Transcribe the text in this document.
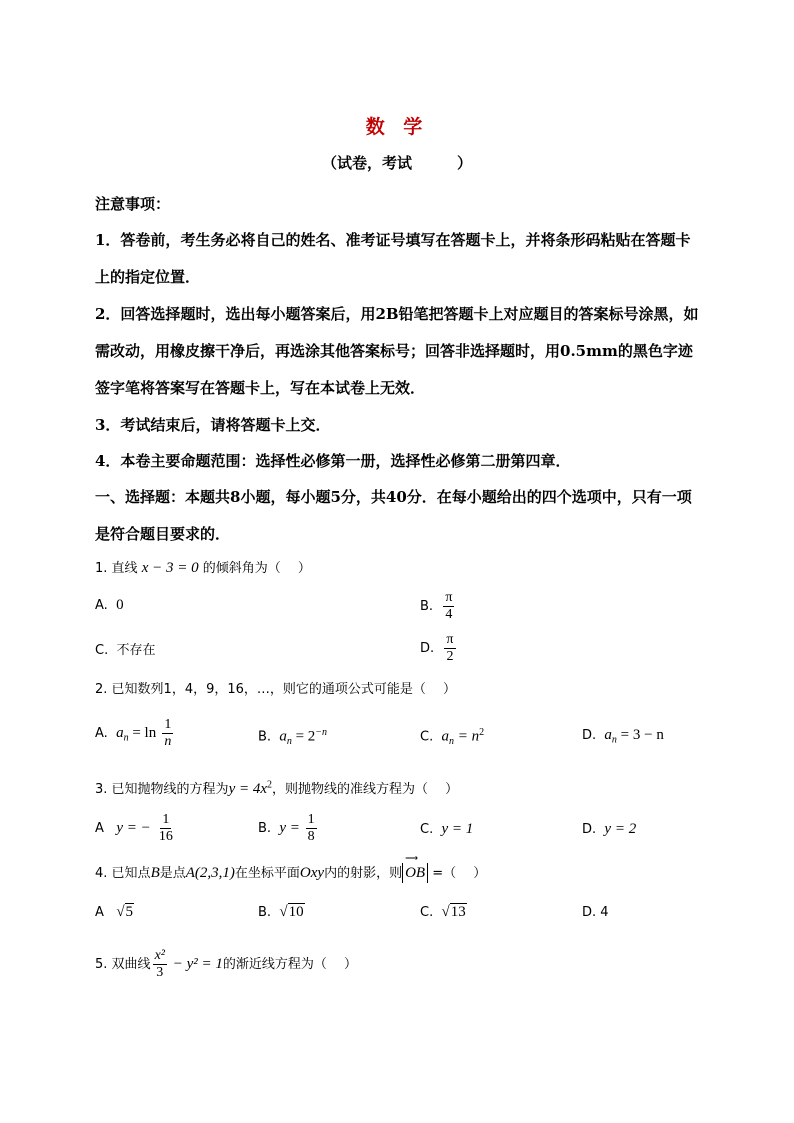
数 学
（试卷，考试　　　）

注意事项：

1．答卷前，考生务必将自己的姓名、准考证号填写在答题卡上，并将条形码粘贴在答题卡上的指定位置．

2．回答选择题时，选出每小题答案后，用2B铅笔把答题卡上对应题目的答案标号涂黑，如需改动，用橡皮擦干净后，再选涂其他答案标号；回答非选择题时，用0.5mm的黑色字迹签字笔将答案写在答题卡上，写在本试卷上无效．

3．考试结束后，请将答题卡上交．

4．本卷主要命题范围：选择性必修第一册，选择性必修第二册第四章．

一、选择题：本题共8小题，每小题5分，共40分．在每小题给出的四个选项中，只有一项是符合题目要求的．

1. 直线 x − 3 = 0 的倾斜角为（　 ）
A. 0	B. $\frac{\pi}{4}$
C. 不存在	D. $\frac{\pi}{2}$
2. 已知数列1，4，9，16，…，则它的通项公式可能是（　 ）
A. $a_n = \ln \frac{1}{n}$	B. $a_n = 2^{-n}$	C. $a_n = n^2$	D. $a_n = 3 - n$
3. 已知抛物线的方程为$y = 4x^2$，则抛物线的准线方程为（　 ）
A y = − $\frac{1}{16}$	B. $y = \frac{1}{8}$	C. y = 1	D. y = 2
4. 已知点B是点A(2,3,1)在坐标平面Oxy内的射影，则
⟶
OB =（　 ）
A √5	B. √10	C. √13	D. 4
5. 双曲线 $\frac{\text{x²}}{3} - y^2 = 1$的渐近线方程为（　 ）
